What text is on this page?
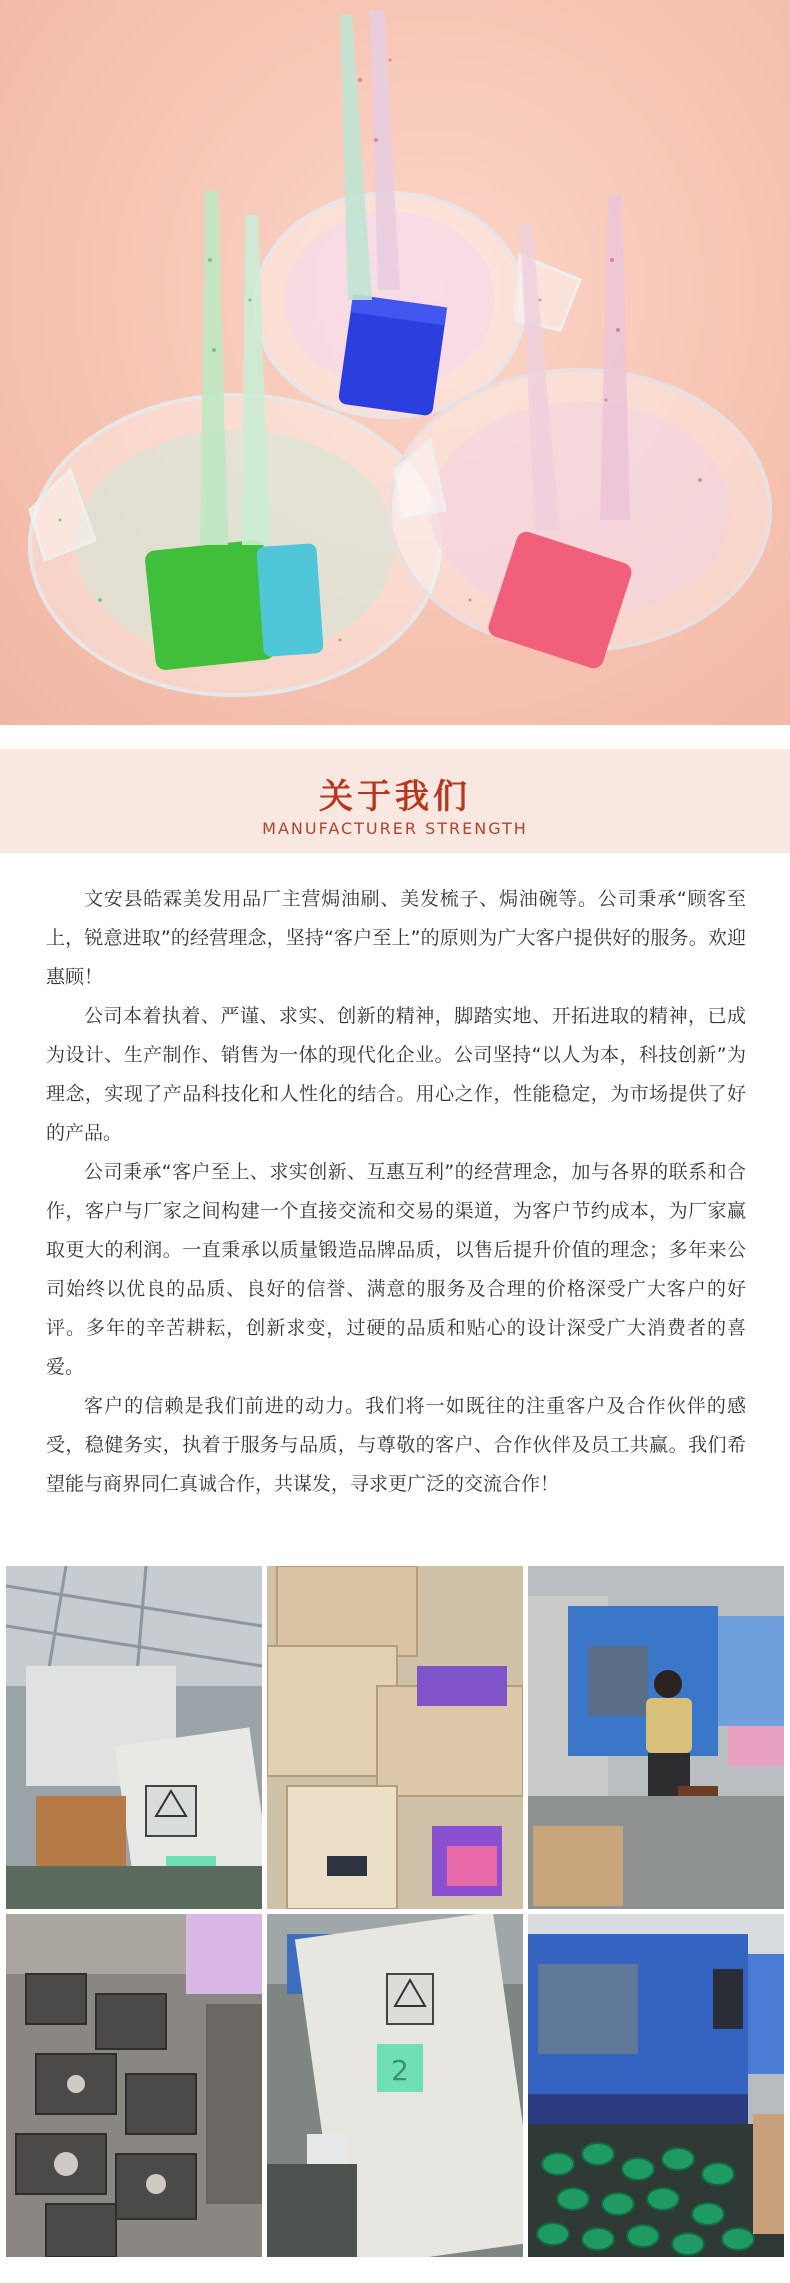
关于我们
MANUFACTURER STRENGTH

文安县皓霖美发用品厂主营焗油刷、美发梳子、焗油碗等。公司秉承“顾客至上，锐意进取”的经营理念，坚持“客户至上”的原则为广大客户提供好的服务。欢迎惠顾！

公司本着执着、严谨、求实、创新的精神，脚踏实地、开拓进取的精神，已成为设计、生产制作、销售为一体的现代化企业。公司坚持“以人为本，科技创新”为理念，实现了产品科技化和人性化的结合。用心之作，性能稳定，为市场提供了好的产品。

公司秉承“客户至上、求实创新、互惠互利”的经营理念，加与各界的联系和合作，客户与厂家之间构建一个直接交流和交易的渠道，为客户节约成本，为厂家赢取更大的利润。一直秉承以质量锻造品牌品质，以售后提升价值的理念；多年来公司始终以优良的品质、良好的信誉、满意的服务及合理的价格深受广大客户的好评。多年的辛苦耕耘，创新求变，过硬的品质和贴心的设计深受广大消费者的喜爱。

客户的信赖是我们前进的动力。我们将一如既往的注重客户及合作伙伴的感受，稳健务实，执着于服务与品质，与尊敬的客户、合作伙伴及员工共赢。我们希望能与商界同仁真诚合作，共谋发，寻求更广泛的交流合作！

2
